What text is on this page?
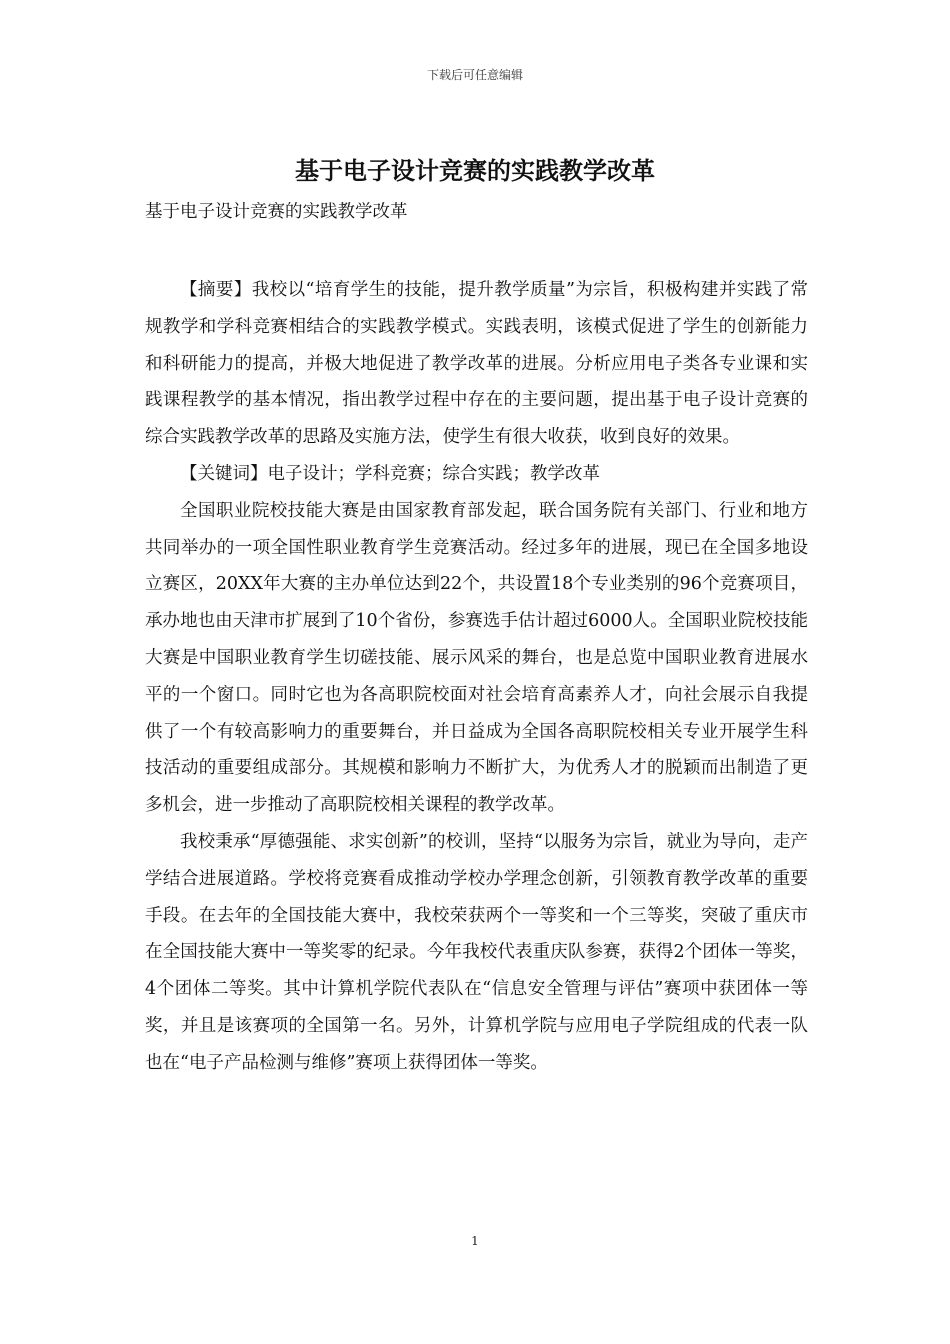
下载后可任意编辑
基于电子设计竞赛的实践教学改革

基于电子设计竞赛的实践教学改革

【摘要】我校以“培育学生的技能，提升教学质量”为宗旨，积极构建并实践了常规教学和学科竞赛相结合的实践教学模式。实践表明，该模式促进了学生的创新能力和科研能力的提高，并极大地促进了教学改革的进展。分析应用电子类各专业课和实践课程教学的基本情况，指出教学过程中存在的主要问题，提出基于电子设计竞赛的综合实践教学改革的思路及实施方法，使学生有很大收获，收到良好的效果。

【关键词】电子设计；学科竞赛；综合实践；教学改革

全国职业院校技能大赛是由国家教育部发起，联合国务院有关部门、行业和地方共同举办的一项全国性职业教育学生竞赛活动。经过多年的进展，现已在全国多地设立赛区，20XX年大赛的主办单位达到22个，共设置18个专业类别的96个竞赛项目，承办地也由天津市扩展到了10个省份，参赛选手估计超过6000人。全国职业院校技能大赛是中国职业教育学生切磋技能、展示风采的舞台，也是总览中国职业教育进展水平的一个窗口。同时它也为各高职院校面对社会培育高素养人才，向社会展示自我提供了一个有较高影响力的重要舞台，并日益成为全国各高职院校相关专业开展学生科技活动的重要组成部分。其规模和影响力不断扩大，为优秀人才的脱颖而出制造了更多机会，进一步推动了高职院校相关课程的教学改革。

我校秉承“厚德强能、求实创新”的校训，坚持“以服务为宗旨，就业为导向，走产学结合进展道路。学校将竞赛看成推动学校办学理念创新，引领教育教学改革的重要手段。在去年的全国技能大赛中，我校荣获两个一等奖和一个三等奖，突破了重庆市在全国技能大赛中一等奖零的纪录。今年我校代表重庆队参赛，获得2个团体一等奖，4个团体二等奖。其中计算机学院代表队在“信息安全管理与评估”赛项中获团体一等奖，并且是该赛项的全国第一名。另外，计算机学院与应用电子学院组成的代表一队也在“电子产品检测与维修”赛项上获得团体一等奖。

1
